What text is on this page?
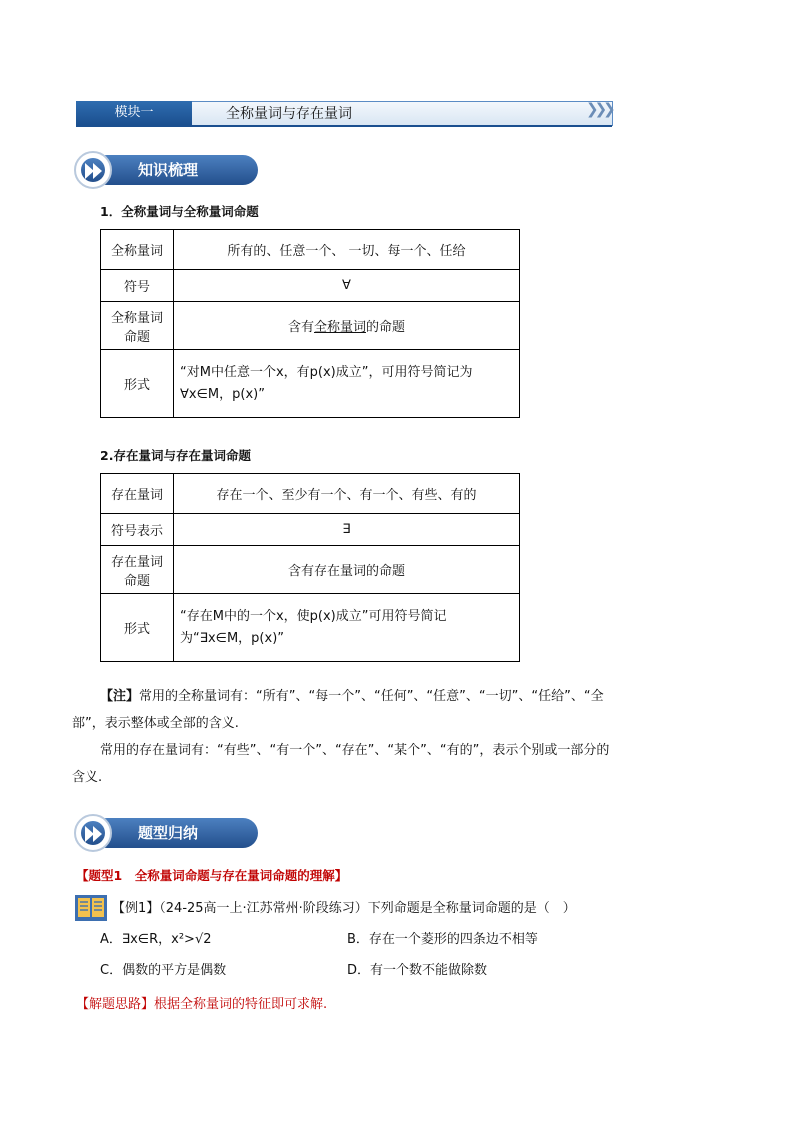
模块一	全称量词与存在量词	❯❯❯
知识梳理
1．全称量词与全称量词命题
全称量词	所有的、任意一个、 一切、每一个、任给
符号	∀
全称量词命题	含有全称量词的命题
形式	“对M中任意一个x，有p(x)成立”，可用符号简记为∀x∈M，p(x)”
2.存在量词与存在量词命题
存在量词	存在一个、至少有一个、有一个、有些、有的
符号表示	∃
存在量词命题	含有存在量词的命题
形式	“存在M中的一个x，使p(x)成立”可用符号简记为“∃x∈M，p(x)”
【注】常用的全称量词有：“所有”、“每一个”、“任何”、“任意”、“一切”、“任给”、“全
部”，表示整体或全部的含义.
常用的存在量词有：“有些”、“有一个”、“存在”、“某个”、“有的”，表示个别或一部分的
含义.
题型归纳
【题型1　全称量词命题与存在量词命题的理解】
【例1】（24-25高一上·江苏常州·阶段练习）下列命题是全称量词命题的是（　）
A．∃x∈R，x²>√2	B．存在一个菱形的四条边不相等
C．偶数的平方是偶数	D．有一个数不能做除数
【解题思路】根据全称量词的特征即可求解.
